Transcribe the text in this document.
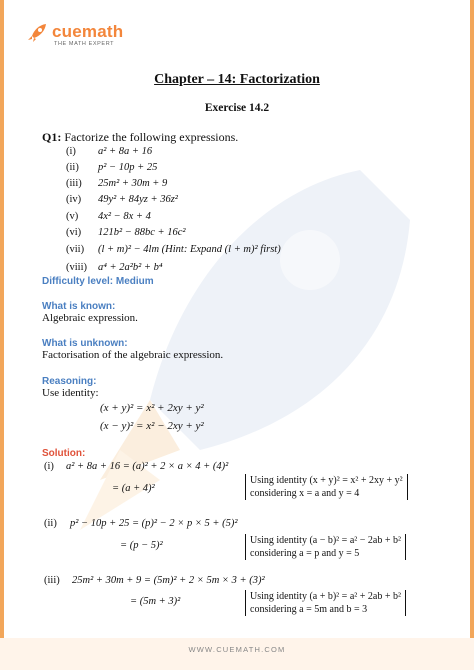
cuemath
THE MATH EXPERT
Chapter – 14: Factorization
Exercise 14.2
Q1: Factorize the following expressions.
(i) a² + 8a + 16
(ii) p² − 10p + 25
(iii) 25m² + 30m + 9
(iv) 49y² + 84yz + 36z²
(v) 4x² − 8x + 4
(vi) 121b² − 88bc + 16c²
(vii) (l + m)² − 4lm (Hint: Expand (l + m)² first)
(viii) a⁴ + 2a²b² + b⁴
Difficulty level: Medium
What is known:
Algebraic expression.
What is unknown:
Factorisation of the algebraic expression.
Reasoning:
Use identity:
(x + y)² = x² + 2xy + y²
(x − y)² = x² − 2xy + y²
Solution:
(i) a² + 8a + 16 = (a)² + 2 × a × 4 + (4)²
= (a + 4)²
Using identity (x + y)² = x² + 2xy + y²
considering x = a and y = 4
(ii) p² − 10p + 25 = (p)² − 2 × p × 5 + (5)²
= (p − 5)²	Using identity (a − b)² = a² − 2ab + b²
considering a = p and y = 5
(iii) 25m² + 30m + 9 = (5m)² + 2 × 5m × 3 + (3)²
= (5m + 3)²	Using identity (a + b)² = a² + 2ab + b²
considering a = 5m and b = 3
WWW.CUEMATH.COM
